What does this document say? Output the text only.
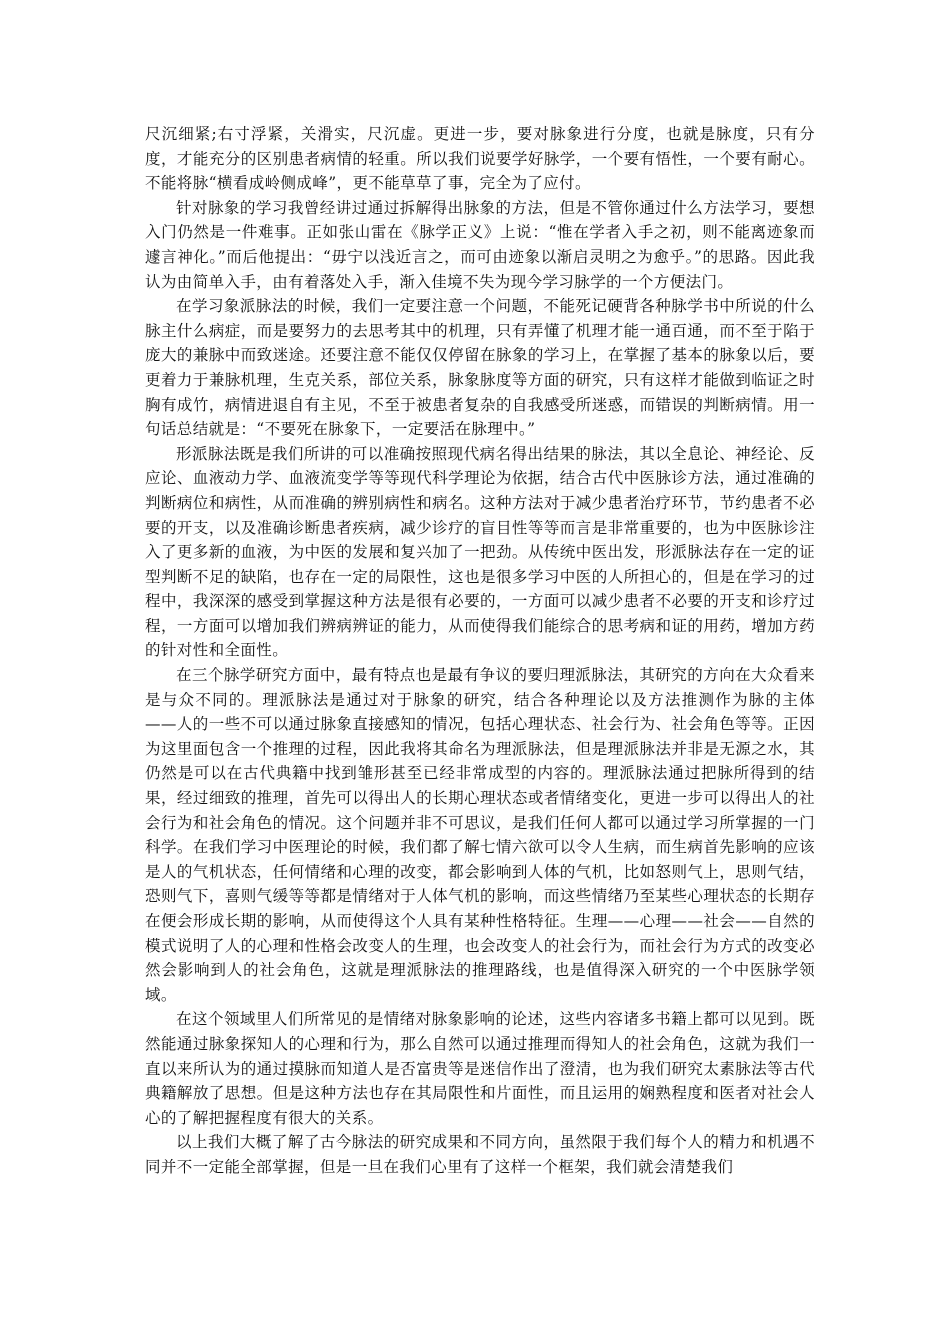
尺沉细紧;右寸浮紧，关滑实，尺沉虚。更进一步，要对脉象进行分度，也就是脉度，只有分度，才能充分的区别患者病情的轻重。所以我们说要学好脉学，一个要有悟性，一个要有耐心。不能将脉“横看成岭侧成峰”，更不能草草了事，完全为了应付。

针对脉象的学习我曾经讲过通过拆解得出脉象的方法，但是不管你通过什么方法学习，要想入门仍然是一件难事。正如张山雷在《脉学正义》上说：“惟在学者入手之初，则不能离迹象而遽言神化。”而后他提出：“毋宁以浅近言之，而可由迹象以渐启灵明之为愈乎。”的思路。因此我认为由简单入手，由有着落处入手，渐入佳境不失为现今学习脉学的一个方便法门。

在学习象派脉法的时候，我们一定要注意一个问题，不能死记硬背各种脉学书中所说的什么脉主什么病症，而是要努力的去思考其中的机理，只有弄懂了机理才能一通百通，而不至于陷于庞大的兼脉中而致迷途。还要注意不能仅仅停留在脉象的学习上，在掌握了基本的脉象以后，要更着力于兼脉机理，生克关系，部位关系，脉象脉度等方面的研究，只有这样才能做到临证之时胸有成竹，病情进退自有主见，不至于被患者复杂的自我感受所迷惑，而错误的判断病情。用一句话总结就是：“不要死在脉象下，一定要活在脉理中。”

形派脉法既是我们所讲的可以准确按照现代病名得出结果的脉法，其以全息论、神经论、反应论、血液动力学、血液流变学等等现代科学理论为依据，结合古代中医脉诊方法，通过准确的判断病位和病性，从而准确的辨别病性和病名。这种方法对于减少患者治疗环节，节约患者不必要的开支，以及准确诊断患者疾病，减少诊疗的盲目性等等而言是非常重要的，也为中医脉诊注入了更多新的血液，为中医的发展和复兴加了一把劲。从传统中医出发，形派脉法存在一定的证型判断不足的缺陷，也存在一定的局限性，这也是很多学习中医的人所担心的，但是在学习的过程中，我深深的感受到掌握这种方法是很有必要的，一方面可以减少患者不必要的开支和诊疗过程，一方面可以增加我们辨病辨证的能力，从而使得我们能综合的思考病和证的用药，增加方药的针对性和全面性。

在三个脉学研究方面中，最有特点也是最有争议的要归理派脉法，其研究的方向在大众看来是与众不同的。理派脉法是通过对于脉象的研究，结合各种理论以及方法推测作为脉的主体 ——人的一些不可以通过脉象直接感知的情况，包括心理状态、社会行为、社会角色等等。正因为这里面包含一个推理的过程，因此我将其命名为理派脉法，但是理派脉法并非是无源之水，其仍然是可以在古代典籍中找到雏形甚至已经非常成型的内容的。理派脉法通过把脉所得到的结果，经过细致的推理，首先可以得出人的长期心理状态或者情绪变化，更进一步可以得出人的社会行为和社会角色的情况。这个问题并非不可思议，是我们任何人都可以通过学习所掌握的一门科学。在我们学习中医理论的时候，我们都了解七情六欲可以令人生病，而生病首先影响的应该是人的气机状态，任何情绪和心理的改变，都会影响到人体的气机，比如怒则气上，思则气结，恐则气下，喜则气缓等等都是情绪对于人体气机的影响，而这些情绪乃至某些心理状态的长期存在便会形成长期的影响，从而使得这个人具有某种性格特征。生理——心理——社会——自然的模式说明了人的心理和性格会改变人的生理，也会改变人的社会行为，而社会行为方式的改变必然会影响到人的社会角色，这就是理派脉法的推理路线，也是值得深入研究的一个中医脉学领域。

在这个领域里人们所常见的是情绪对脉象影响的论述，这些内容诸多书籍上都可以见到。既然能通过脉象探知人的心理和行为，那么自然可以通过推理而得知人的社会角色，这就为我们一直以来所认为的通过摸脉而知道人是否富贵等是迷信作出了澄清，也为我们研究太素脉法等古代典籍解放了思想。但是这种方法也存在其局限性和片面性，而且运用的娴熟程度和医者对社会人心的了解把握程度有很大的关系。

以上我们大概了解了古今脉法的研究成果和不同方向，虽然限于我们每个人的精力和机遇不同并不一定能全部掌握，但是一旦在我们心里有了这样一个框架，我们就会清楚我们
